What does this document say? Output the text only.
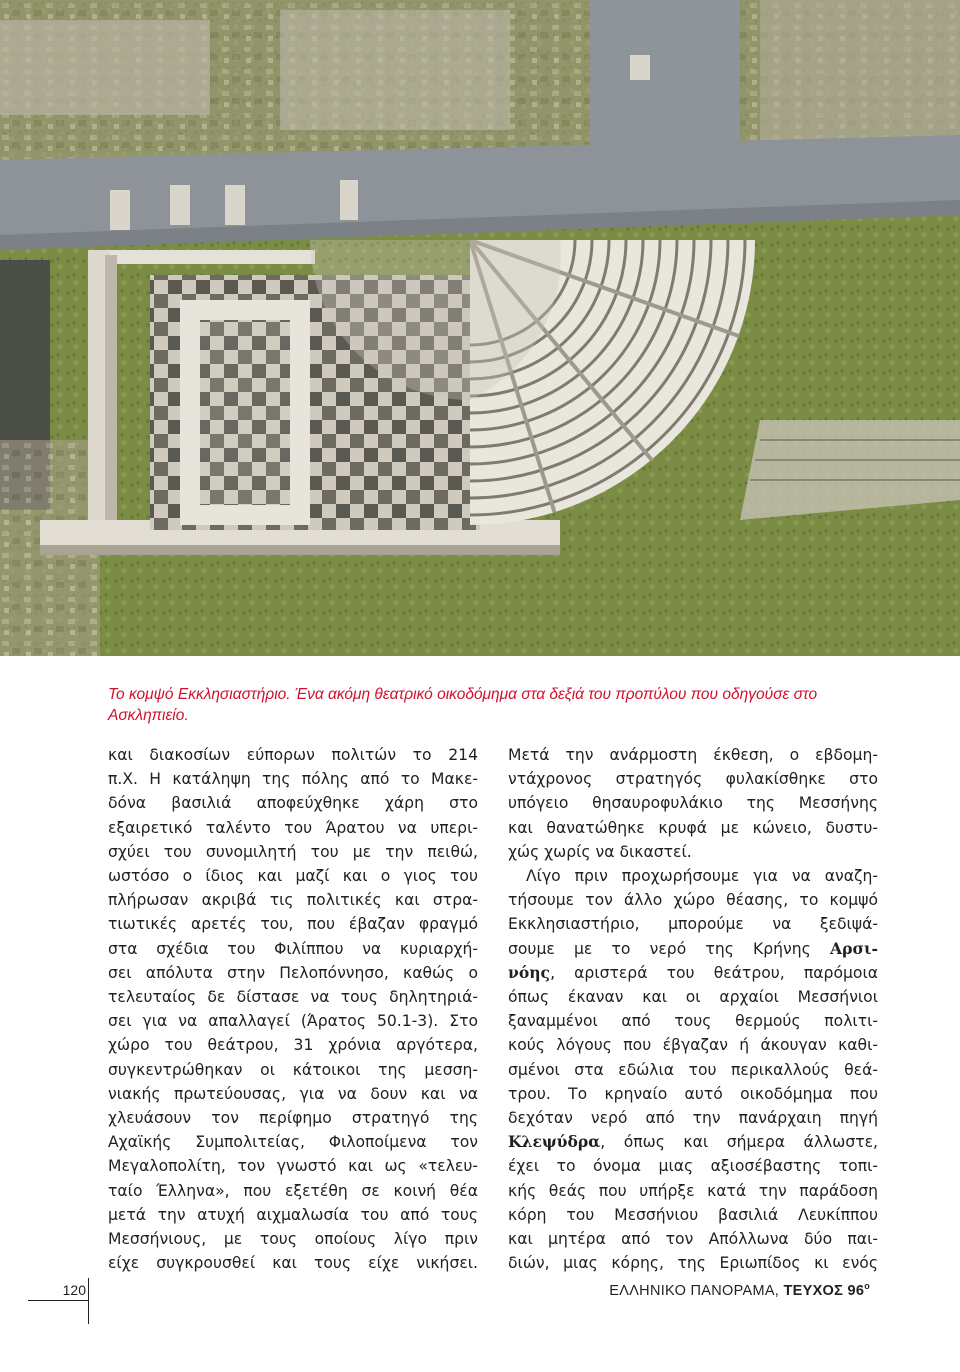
Το κομψό Εκκλησιαστήριο. Ένα ακόμη θεατρικό οικοδόμημα στα δεξιά του προπύλου που οδηγούσε στο Ασκληπιείο.
και διακοσίων εύπορων πολιτών το 214
π.Χ. Η κατάληψη της πόλης από το Μακε-
δόνα βασιλιά αποφεύχθηκε χάρη στο
εξαιρετικό ταλέντο του Άρατου να υπερι-
σχύει του συνομιλητή του με την πειθώ,
ωστόσο ο ίδιος και μαζί και ο γιος του
πλήρωσαν ακριβά τις πολιτικές και στρα-
τιωτικές αρετές του, που έβαζαν φραγμό
στα σχέδια του Φιλίππου να κυριαρχή-
σει απόλυτα στην Πελοπόννησο, καθώς ο
τελευταίος δε δίστασε να τους δηλητηριά-
σει για να απαλλαγεί (Άρατος 50.1-3). Στο
χώρο του θεάτρου, 31 χρόνια αργότερα,
συγκεντρώθηκαν οι κάτοικοι της μεσση-
νιακής πρωτεύουσας, για να δουν και να
χλευάσουν τον περίφημο στρατηγό της
Αχαϊκής Συμπολιτείας, Φιλοποίμενα τον
Μεγαλοπολίτη, τον γνωστό και ως «τελευ-
ταίο Έλληνα», που εξετέθη σε κοινή θέα
μετά την ατυχή αιχμαλωσία του από τους
Μεσσήνιους, με τους οποίους λίγο πριν
είχε συγκρουσθεί και τους είχε νικήσει.
Μετά την ανάρμοστη έκθεση, ο εβδομη-
ντάχρονος στρατηγός φυλακίσθηκε στο
υπόγειο θησαυροφυλάκιο της Μεσσήνης
και θανατώθηκε κρυφά με κώνειο, δυστυ-
χώς χωρίς να δικαστεί.
Λίγο πριν προχωρήσουμε για να αναζη-
τήσουμε τον άλλο χώρο θέασης, το κομψό
Εκκλησιαστήριο, μπορούμε να ξεδιψά-
σουμε με το νερό της Κρήνης Αρσι-
νόης, αριστερά του θεάτρου, παρόμοια
όπως έκαναν και οι αρχαίοι Μεσσήνιοι
ξαναμμένοι από τους θερμούς πολιτι-
κούς λόγους που έβγαζαν ή άκουγαν καθι-
σμένοι στα εδώλια του περικαλλούς θεά-
τρου. Το κρηναίο αυτό οικοδόμημα που
δεχόταν νερό από την πανάρχαιη πηγή
Κλεψύδρα, όπως και σήμερα άλλωστε,
έχει το όνομα μιας αξιοσέβαστης τοπι-
κής θεάς που υπήρξε κατά την παράδοση
κόρη του Μεσσήνιου βασιλιά Λευκίππου
και μητέρα από τον Απόλλωνα δύο παι-
διών, μιας κόρης, της Εριωπίδος κι ενός
120	ΕΛΛΗΝΙΚΟ ΠΑΝΟΡΑΜΑ, ΤΕΥΧΟΣ $96^o$
